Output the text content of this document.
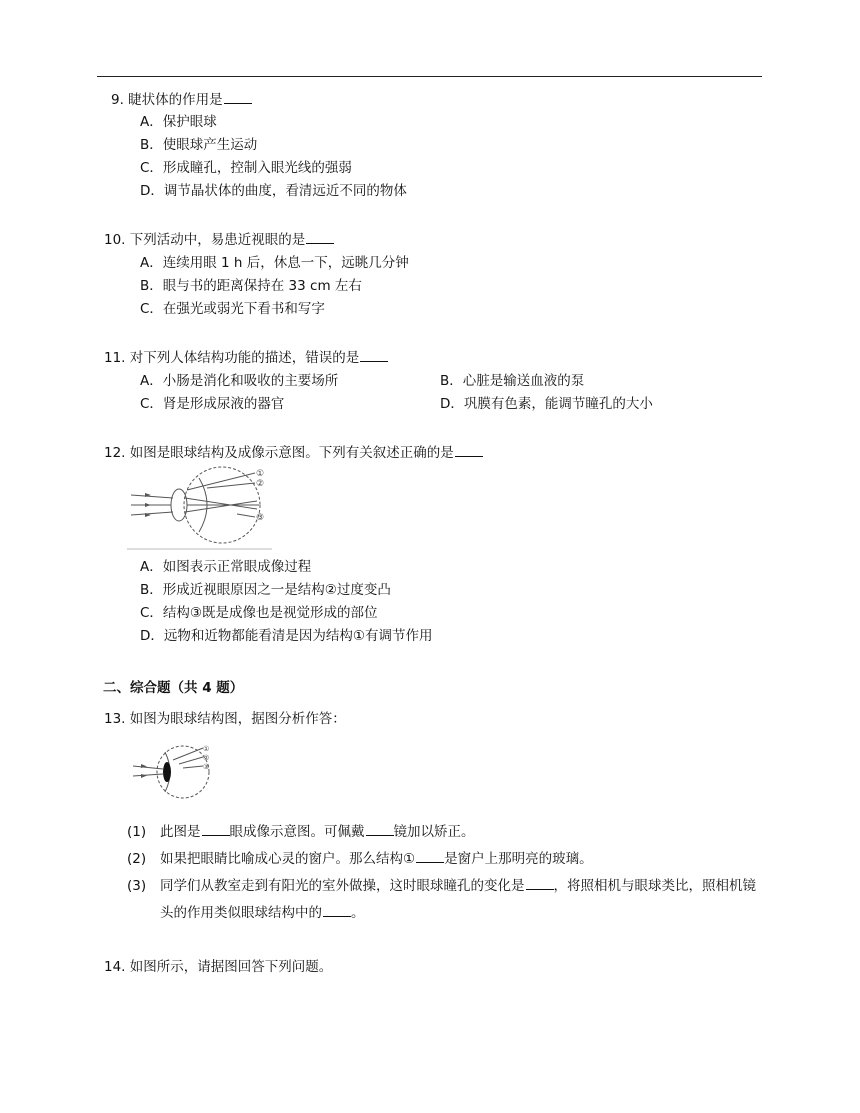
9. 睫状体的作用是
A．保护眼球
B．使眼球产生运动
C．形成瞳孔，控制入眼光线的强弱
D．调节晶状体的曲度，看清远近不同的物体
10. 下列活动中，易患近视眼的是
A．连续用眼 1 h 后，休息一下，远眺几分钟
B．眼与书的距离保持在 33 cm 左右
C．在强光或弱光下看书和写字
11. 对下列人体结构功能的描述，错误的是
A．小肠是消化和吸收的主要场所	B．心脏是输送血液的泵
C．肾是形成尿液的器官	D．巩膜有色素，能调节瞳孔的大小
12. 如图是眼球结构及成像示意图。下列有关叙述正确的是
①
②
③
A．如图表示正常眼成像过程
B．形成近视眼原因之一是结构②过度变凸
C．结构③既是成像也是视觉形成的部位
D．远物和近物都能看清是因为结构①有调节作用
二、综合题（共 4 题）
13. 如图为眼球结构图，据图分析作答：
①
②
③
(1) 此图是 眼成像示意图。可佩戴 镜加以矫正。
(2) 如果把眼睛比喻成心灵的窗户。那么结构① 是窗户上那明亮的玻璃。
(3) 同学们从教室走到有阳光的室外做操，这时眼球瞳孔的变化是 ，将照相机与眼球类比，照相机镜头的作用类似眼球结构中的 。
14. 如图所示，请据图回答下列问题。
